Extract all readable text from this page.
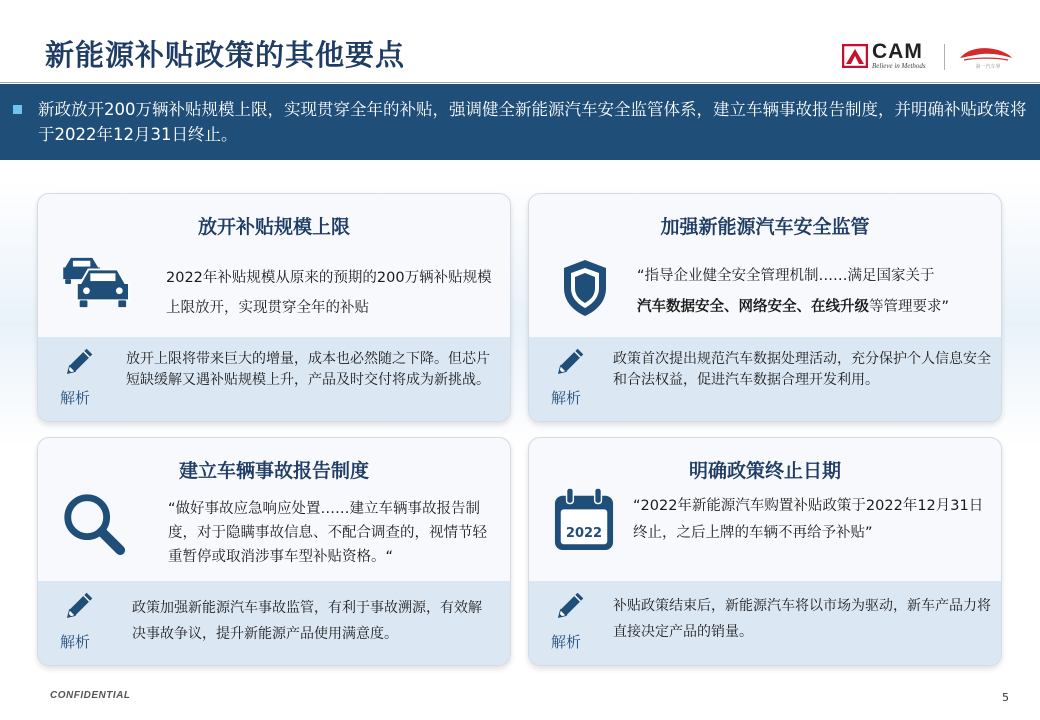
新能源补贴政策的其他要点	CAM
Believe in Methods	第一汽车界
新政放开200万辆补贴规模上限，实现贯穿全年的补贴，强调健全新能源汽车安全监管体系，建立车辆事故报告制度，并明确补贴政策将于2022年12月31日终止。
放开补贴规模上限
2022年补贴规模从原来的预期的200万辆补贴规模上限放开，实现贯穿全年的补贴
解析
放开上限将带来巨大的增量，成本也必然随之下降。但芯片短缺缓解又遇补贴规模上升，产品及时交付将成为新挑战。
加强新能源汽车安全监管
“指导企业健全安全管理机制……满足国家关于
汽车数据安全、网络安全、在线升级等管理要求”
解析
政策首次提出规范汽车数据处理活动，充分保护个人信息安全和合法权益，促进汽车数据合理开发利用。
建立车辆事故报告制度
“做好事故应急响应处置……建立车辆事故报告制度，对于隐瞒事故信息、不配合调查的，视情节轻重暂停或取消涉事车型补贴资格。“
解析
政策加强新能源汽车事故监管，有利于事故溯源，有效解决事故争议，提升新能源产品使用满意度。
明确政策终止日期
2022
“2022年新能源汽车购置补贴政策于2022年12月31日终止，之后上牌的车辆不再给予补贴”
解析
补贴政策结束后，新能源汽车将以市场为驱动，新车产品力将直接决定产品的销量。
CONFIDENTIAL	5
